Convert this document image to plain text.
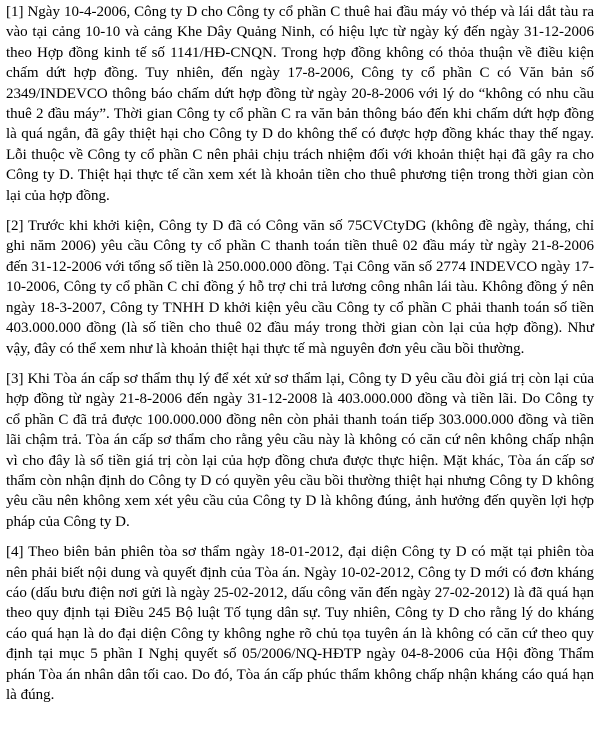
[1] Ngày 10-4-2006, Công ty D cho Công ty cổ phần C thuê hai đầu máy vỏ thép và lái dắt tàu ra vào tại cảng 10-10 và cảng Khe Dây Quảng Ninh, có hiệu lực từ ngày ký đến ngày 31-12-2006 theo Hợp đồng kinh tế số 1141/HĐ-CNQN. Trong hợp đồng không có thỏa thuận về điều kiện chấm dứt hợp đồng. Tuy nhiên, đến ngày 17-8-2006, Công ty cổ phần C có Văn bản số 2349/INDEVCO thông báo chấm dứt hợp đồng từ ngày 20-8-2006 với lý do “không có nhu cầu thuê 2 đầu máy”. Thời gian Công ty cổ phần C ra văn bản thông báo đến khi chấm dứt hợp đồng là quá ngắn, đã gây thiệt hại cho Công ty D do không thể có được hợp đồng khác thay thế ngay. Lỗi thuộc về Công ty cổ phần C nên phải chịu trách nhiệm đối với khoản thiệt hại đã gây ra cho Công ty D. Thiệt hại thực tế cần xem xét là khoản tiền cho thuê phương tiện trong thời gian còn lại của hợp đồng.

[2] Trước khi khởi kiện, Công ty D đã có Công văn số 75CVCtyDG (không đề ngày, tháng, chỉ ghi năm 2006) yêu cầu Công ty cổ phần C thanh toán tiền thuê 02 đầu máy từ ngày 21-8-2006 đến 31-12-2006 với tổng số tiền là 250.000.000 đồng. Tại Công văn số 2774 INDEVCO ngày 17-10-2006, Công ty cổ phần C chỉ đồng ý hỗ trợ chi trả lương công nhân lái tàu. Không đồng ý nên ngày 18-3-2007, Công ty TNHH D khởi kiện yêu cầu Công ty cổ phần C phải thanh toán số tiền 403.000.000 đồng (là số tiền cho thuê 02 đầu máy trong thời gian còn lại của hợp đồng). Như vậy, đây có thể xem như là khoản thiệt hại thực tế mà nguyên đơn yêu cầu bồi thường.

[3] Khi Tòa án cấp sơ thẩm thụ lý để xét xử sơ thẩm lại, Công ty D yêu cầu đòi giá trị còn lại của hợp đồng từ ngày 21-8-2006 đến ngày 31-12-2008 là 403.000.000 đồng và tiền lãi. Do Công ty cổ phần C đã trả được 100.000.000 đồng nên còn phải thanh toán tiếp 303.000.000 đồng và tiền lãi chậm trả. Tòa án cấp sơ thẩm cho rằng yêu cầu này là không có căn cứ nên không chấp nhận vì cho đây là số tiền giá trị còn lại của hợp đồng chưa được thực hiện. Mặt khác, Tòa án cấp sơ thẩm còn nhận định do Công ty D có quyền yêu cầu bồi thường thiệt hại nhưng Công ty D không yêu cầu nên không xem xét yêu cầu của Công ty D là không đúng, ảnh hưởng đến quyền lợi hợp pháp của Công ty D.

[4] Theo biên bản phiên tòa sơ thẩm ngày 18-01-2012, đại diện Công ty D có mặt tại phiên tòa nên phải biết nội dung và quyết định của Tòa án. Ngày 10-02-2012, Công ty D mới có đơn kháng cáo (dấu bưu điện nơi gửi là ngày 25-02-2012, dấu công văn đến ngày 27-02-2012) là đã quá hạn theo quy định tại Điều 245 Bộ luật Tố tụng dân sự. Tuy nhiên, Công ty D cho rằng lý do kháng cáo quá hạn là do đại diện Công ty không nghe rõ chủ tọa tuyên án là không có căn cứ theo quy định tại mục 5 phần I Nghị quyết số 05/2006/NQ-HĐTP ngày 04-8-2006 của Hội đồng Thẩm phán Tòa án nhân dân tối cao. Do đó, Tòa án cấp phúc thẩm không chấp nhận kháng cáo quá hạn là đúng.
